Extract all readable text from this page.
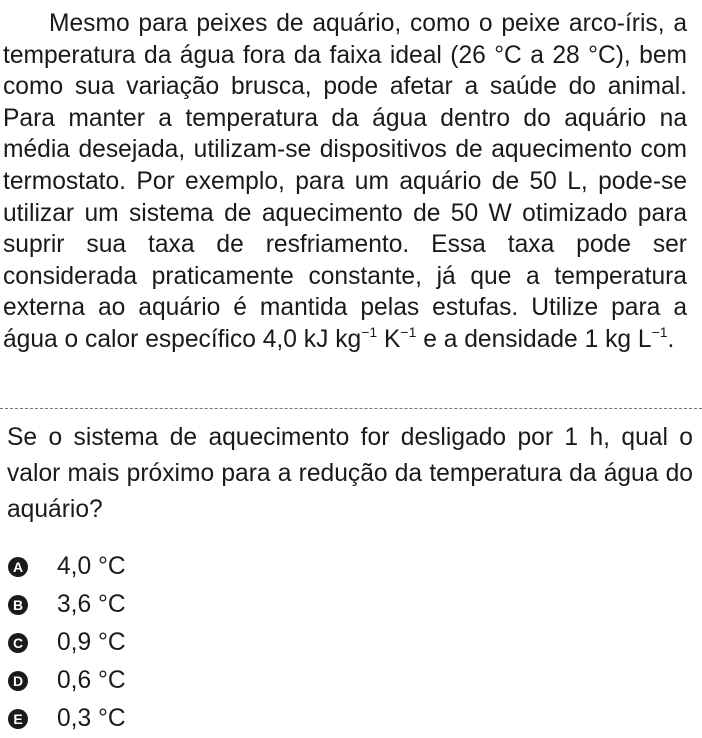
Mesmo para peixes de aquário, como o peixe arco-íris, a temperatura da água fora da faixa ideal (26 °C a 28 °C), bem como sua variação brusca, pode afetar a saúde do animal. Para manter a temperatura da água dentro do aquário na média desejada, utilizam-se dispositivos de aquecimento com termostato. Por exemplo, para um aquário de 50 L, pode-se utilizar um sistema de aquecimento de 50 W otimizado para suprir sua taxa de resfriamento. Essa taxa pode ser considerada praticamente constante, já que a temperatura externa ao aquário é mantida pelas estufas. Utilize para a água o calor específico 4,0 kJ $kg^{-1}$ $K^{-1}$ e a densidade 1 kg $L^{-1}$.

Se o sistema de aquecimento for desligado por 1 h, qual o valor mais próximo para a redução da temperatura da água do aquário?

A 4,0 °C
B 3,6 °C
C 0,9 °C
D 0,6 °C
E 0,3 °C
